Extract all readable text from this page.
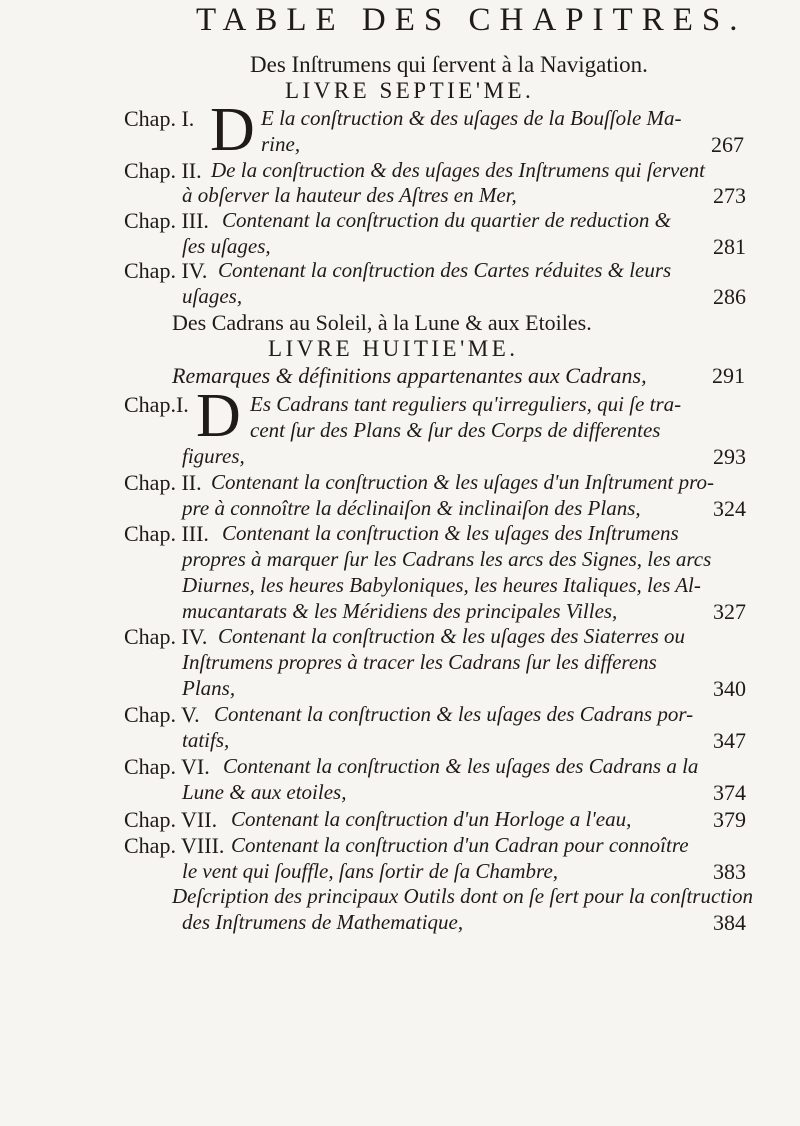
TABLE DES CHAPITRES.
Des Inſtrumens qui ſervent à la Navigation.
LIVRE SEPTIE'ME.
Chap. I. D E la conſtruction & des uſages de la Bouſſole Ma-
rine,	267
Chap. II. De la conſtruction & des uſages des Inſtrumens qui ſervent
à obſerver la hauteur des Aſtres en Mer,	273
Chap. III. Contenant la conſtruction du quartier de reduction &
ſes uſages,	281
Chap. IV. Contenant la conſtruction des Cartes réduites & leurs
uſages,	286
Des Cadrans au Soleil, à la Lune & aux Etoiles.
LIVRE HUITIE'ME.
Remarques & définitions appartenantes aux Cadrans,	291
Chap.I. D Es Cadrans tant reguliers qu'irreguliers, qui ſe tra-
cent ſur des Plans & ſur des Corps de differentes
figures,	293
Chap. II. Contenant la conſtruction & les uſages d'un Inſtrument pro-
pre à connoître la déclinaiſon & inclinaiſon des Plans,	324
Chap. III. Contenant la conſtruction & les uſages des Inſtrumens
propres à marquer ſur les Cadrans les arcs des Signes, les arcs
Diurnes, les heures Babyloniques, les heures Italiques, les Al-
mucantarats & les Méridiens des principales Villes,	327
Chap. IV. Contenant la conſtruction & les uſages des Siaterres ou
Inſtrumens propres à tracer les Cadrans ſur les differens
Plans,	340
Chap. V. Contenant la conſtruction & les uſages des Cadrans por-
tatifs,	347
Chap. VI. Contenant la conſtruction & les uſages des Cadrans a la
Lune & aux etoiles,	374
Chap. VII. Contenant la conſtruction d'un Horloge a l'eau,	379
Chap. VIII. Contenant la conſtruction d'un Cadran pour connoître
le vent qui ſouffle, ſans ſortir de ſa Chambre,	383
Deſcription des principaux Outils dont on ſe ſert pour la conſtruction
des Inſtrumens de Mathematique,	384
